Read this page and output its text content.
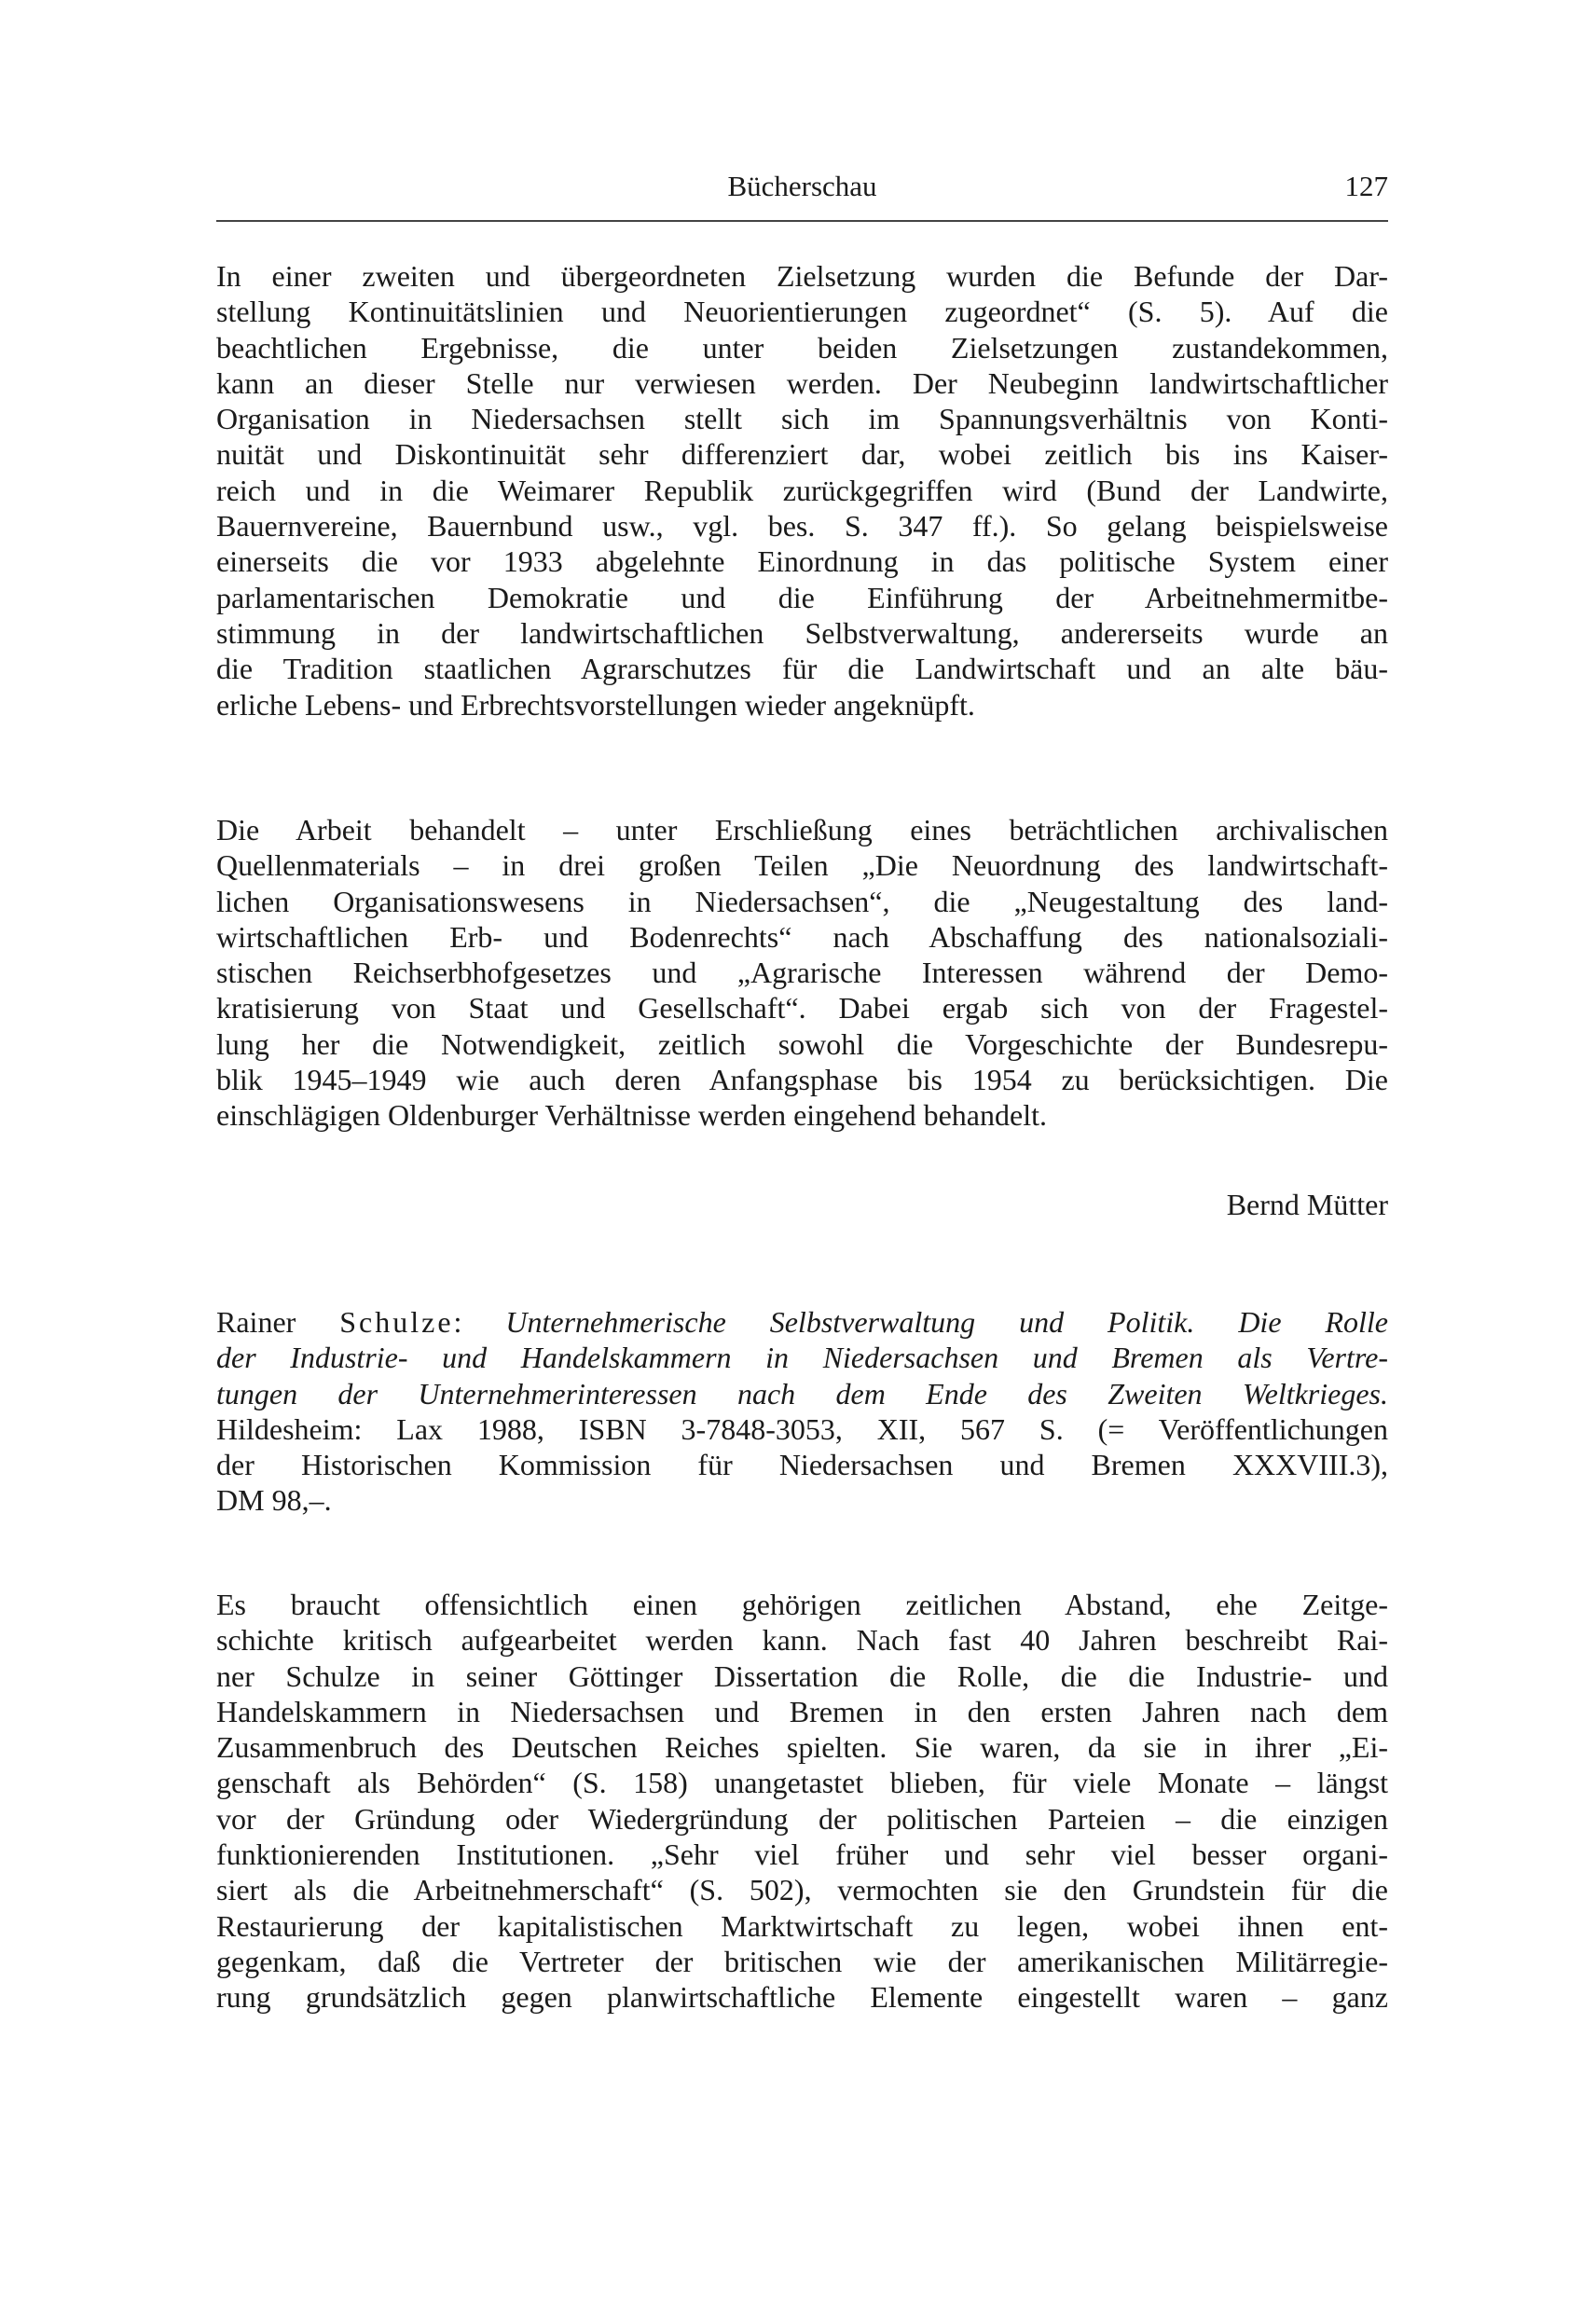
Bücherschau	127
In einer zweiten und übergeordneten Zielsetzung wurden die Befunde der Dar-
stellung Kontinuitätslinien und Neuorientierungen zugeordnet“ (S. 5). Auf die
beachtlichen Ergebnisse, die unter beiden Zielsetzungen zustandekommen,
kann an dieser Stelle nur verwiesen werden. Der Neubeginn landwirtschaftlicher
Organisation in Niedersachsen stellt sich im Spannungsverhältnis von Konti-
nuität und Diskontinuität sehr differenziert dar, wobei zeitlich bis ins Kaiser-
reich und in die Weimarer Republik zurückgegriffen wird (Bund der Landwirte,
Bauernvereine, Bauernbund usw., vgl. bes. S. 347 ff.). So gelang beispielsweise
einerseits die vor 1933 abgelehnte Einordnung in das politische System einer
parlamentarischen Demokratie und die Einführung der Arbeitnehmermitbe-
stimmung in der landwirtschaftlichen Selbstverwaltung, andererseits wurde an
die Tradition staatlichen Agrarschutzes für die Landwirtschaft und an alte bäu-
erliche Lebens- und Erbrechtsvorstellungen wieder angeknüpft.
Die Arbeit behandelt – unter Erschließung eines beträchtlichen archivalischen
Quellenmaterials – in drei großen Teilen „Die Neuordnung des landwirtschaft-
lichen Organisationswesens in Niedersachsen“, die „Neugestaltung des land-
wirtschaftlichen Erb- und Bodenrechts“ nach Abschaffung des nationalsoziali-
stischen Reichserbhofgesetzes und „Agrarische Interessen während der Demo-
kratisierung von Staat und Gesellschaft“. Dabei ergab sich von der Fragestel-
lung her die Notwendigkeit, zeitlich sowohl die Vorgeschichte der Bundesrepu-
blik 1945–1949 wie auch deren Anfangsphase bis 1954 zu berücksichtigen. Die
einschlägigen Oldenburger Verhältnisse werden eingehend behandelt.
Bernd Mütter
Rainer Schulze: Unternehmerische Selbstverwaltung und Politik. Die Rolle
der Industrie- und Handelskammern in Niedersachsen und Bremen als Vertre-
tungen der Unternehmerinteressen nach dem Ende des Zweiten Weltkrieges.
Hildesheim: Lax 1988, ISBN 3-7848-3053, XII, 567 S. (= Veröffentlichungen
der Historischen Kommission für Niedersachsen und Bremen XXXVIII.3),
DM 98,–.
Es braucht offensichtlich einen gehörigen zeitlichen Abstand, ehe Zeitge-
schichte kritisch aufgearbeitet werden kann. Nach fast 40 Jahren beschreibt Rai-
ner Schulze in seiner Göttinger Dissertation die Rolle, die die Industrie- und
Handelskammern in Niedersachsen und Bremen in den ersten Jahren nach dem
Zusammenbruch des Deutschen Reiches spielten. Sie waren, da sie in ihrer „Ei-
genschaft als Behörden“ (S. 158) unangetastet blieben, für viele Monate – längst
vor der Gründung oder Wiedergründung der politischen Parteien – die einzigen
funktionierenden Institutionen. „Sehr viel früher und sehr viel besser organi-
siert als die Arbeitnehmerschaft“ (S. 502), vermochten sie den Grundstein für die
Restaurierung der kapitalistischen Marktwirtschaft zu legen, wobei ihnen ent-
gegenkam, daß die Vertreter der britischen wie der amerikanischen Militärregie-
rung grundsätzlich gegen planwirtschaftliche Elemente eingestellt waren – ganz
